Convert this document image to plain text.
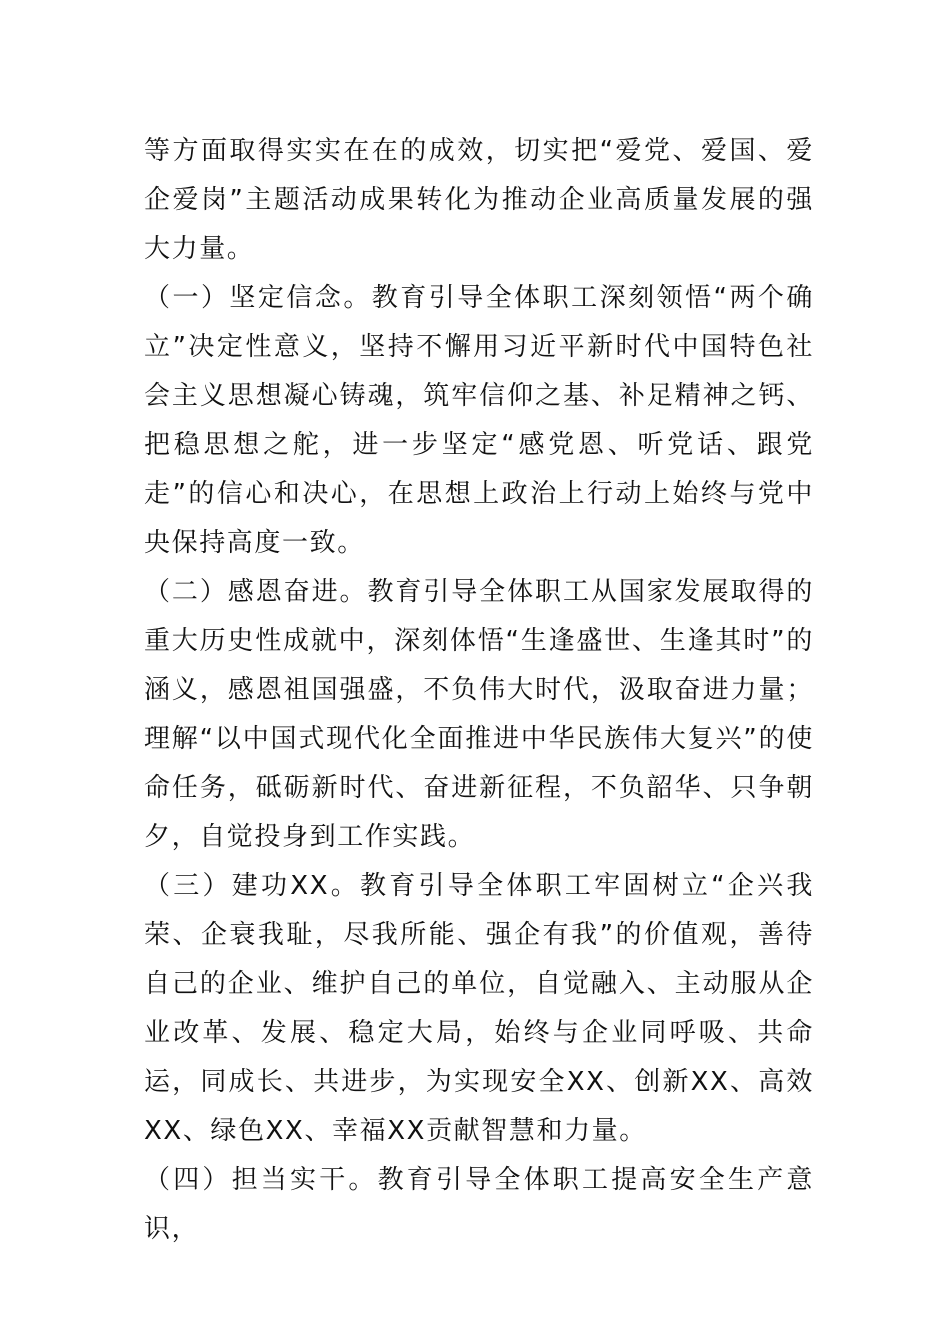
等方面取得实实在在的成效，切实把“爱党、爱国、爱企爱岗”主题活动成果转化为推动企业高质量发展的强大力量。

（一）坚定信念。教育引导全体职工深刻领悟“两个确立”决定性意义，坚持不懈用习近平新时代中国特色社会主义思想凝心铸魂，筑牢信仰之基、补足精神之钙、把稳思想之舵，进一步坚定“感党恩、听党话、跟党走”的信心和决心，在思想上政治上行动上始终与党中央保持高度一致。

（二）感恩奋进。教育引导全体职工从国家发展取得的重大历史性成就中，深刻体悟“生逢盛世、生逢其时”的涵义，感恩祖国强盛，不负伟大时代，汲取奋进力量；理解“以中国式现代化全面推进中华民族伟大复兴”的使命任务，砥砺新时代、奋进新征程，不负韶华、只争朝夕，自觉投身到工作实践。

（三）建功XX。教育引导全体职工牢固树立“企兴我荣、企衰我耻，尽我所能、强企有我”的价值观，善待自己的企业、维护自己的单位，自觉融入、主动服从企业改革、发展、稳定大局，始终与企业同呼吸、共命运，同成长、共进步，为实现安全XX、创新XX、高效XX、绿色XX、幸福XX贡献智慧和力量。

（四）担当实干。教育引导全体职工提高安全生产意识，
